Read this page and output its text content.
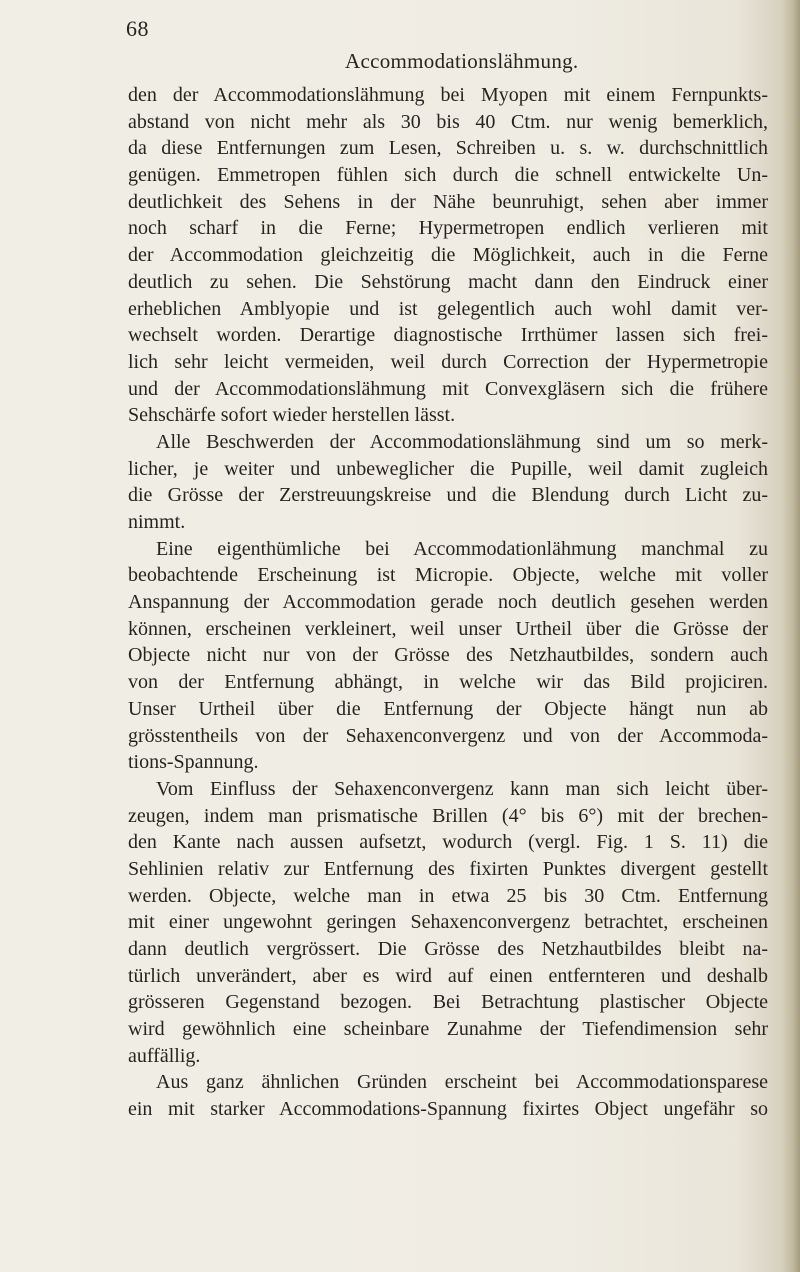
68
Accommodationslähmung.
den der Accommodationslähmung bei Myopen mit einem Fernpunkts-
abstand von nicht mehr als 30 bis 40 Ctm. nur wenig bemerklich,
da diese Entfernungen zum Lesen, Schreiben u. s. w. durchschnittlich
genügen. Emmetropen fühlen sich durch die schnell entwickelte Un-
deutlichkeit des Sehens in der Nähe beunruhigt, sehen aber immer
noch scharf in die Ferne; Hypermetropen endlich verlieren mit
der Accommodation gleichzeitig die Möglichkeit, auch in die Ferne
deutlich zu sehen. Die Sehstörung macht dann den Eindruck einer
erheblichen Amblyopie und ist gelegentlich auch wohl damit ver-
wechselt worden. Derartige diagnostische Irrthümer lassen sich frei-
lich sehr leicht vermeiden, weil durch Correction der Hypermetropie
und der Accommodationslähmung mit Convexgläsern sich die frühere
Sehschärfe sofort wieder herstellen lässt.
Alle Beschwerden der Accommodationslähmung sind um so merk-
licher, je weiter und unbeweglicher die Pupille, weil damit zugleich
die Grösse der Zerstreuungskreise und die Blendung durch Licht zu-
nimmt.
Eine eigenthümliche bei Accommodationlähmung manchmal zu
beobachtende Erscheinung ist Micropie. Objecte, welche mit voller
Anspannung der Accommodation gerade noch deutlich gesehen werden
können, erscheinen verkleinert, weil unser Urtheil über die Grösse der
Objecte nicht nur von der Grösse des Netzhautbildes, sondern auch
von der Entfernung abhängt, in welche wir das Bild projiciren.
Unser Urtheil über die Entfernung der Objecte hängt nun ab
grösstentheils von der Sehaxenconvergenz und von der Accommoda-
tions-Spannung.
Vom Einfluss der Sehaxenconvergenz kann man sich leicht über-
zeugen, indem man prismatische Brillen (4° bis 6°) mit der brechen-
den Kante nach aussen aufsetzt, wodurch (vergl. Fig. 1 S. 11) die
Sehlinien relativ zur Entfernung des fixirten Punktes divergent gestellt
werden. Objecte, welche man in etwa 25 bis 30 Ctm. Entfernung
mit einer ungewohnt geringen Sehaxenconvergenz betrachtet, erscheinen
dann deutlich vergrössert. Die Grösse des Netzhautbildes bleibt na-
türlich unverändert, aber es wird auf einen entfernteren und deshalb
grösseren Gegenstand bezogen. Bei Betrachtung plastischer Objecte
wird gewöhnlich eine scheinbare Zunahme der Tiefendimension sehr
auffällig.
Aus ganz ähnlichen Gründen erscheint bei Accommodationsparese
ein mit starker Accommodations-Spannung fixirtes Object ungefähr so
